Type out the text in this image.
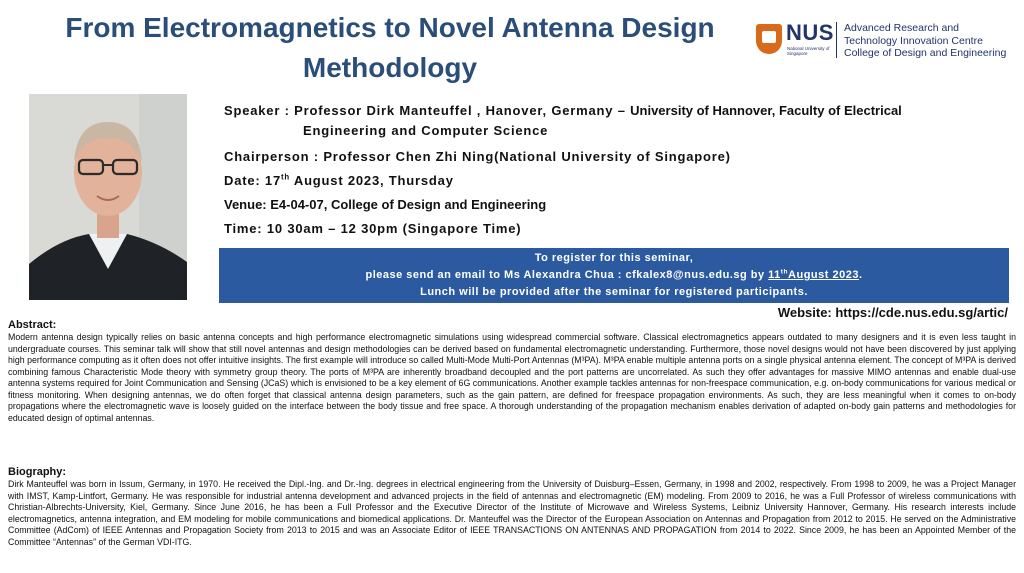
From Electromagnetics to Novel Antenna Design Methodology
NUS
National University of Singapore
Advanced Research and
Technology Innovation Centre
College of Design and Engineering
Speaker : Professor Dirk Manteuffel , Hanover, Germany – University of Hannover, Faculty of Electrical
Engineering and Computer Science
Chairperson : Professor Chen Zhi Ning(National University of Singapore)
Date: 17th August 2023, Thursday
Venue: E4-04-07, College of Design and Engineering
Time: 10 30am – 12 30pm (Singapore Time)
To register for this seminar,
please send an email to Ms Alexandra Chua : cfkalex8@nus.edu.sg by 11thAugust 2023.
Lunch will be provided after the seminar for registered participants.
Website: https://cde.nus.edu.sg/artic/
Abstract:
Modern antenna design typically relies on basic antenna concepts and high performance electromagnetic simulations using widespread commercial software. Classical electromagnetics appears outdated to many designers and it is even less taught in undergraduate courses. This seminar talk will show that still novel antennas and design methodologies can be derived based on fundamental electromagnetic understanding. Furthermore, those novel designs would not have been discovered by just applying high performance computing as it often does not offer intuitive insights. The first example will introduce so called Multi-Mode Multi-Port Antennas (M³PA). M³PA enable multiple antenna ports on a single physical antenna element. The concept of M³PA is derived combining famous Characteristic Mode theory with symmetry group theory. The ports of M³PA are inherently broadband decoupled and the port patterns are uncorrelated. As such they offer advantages for massive MIMO antennas and enable dual-use antenna systems required for Joint Communication and Sensing (JCaS) which is envisioned to be a key element of 6G communications. Another example tackles antennas for non-freespace communication, e.g. on-body communications for various medical or fitness monitoring. When designing antennas, we do often forget that classical antenna design parameters, such as the gain pattern, are defined for freespace propagation environments. As such, they are less meaningful when it comes to on-body propagations where the electromagnetic wave is loosely guided on the interface between the body tissue and free space. A thorough understanding of the propagation mechanism enables derivation of adapted on-body gain patterns and methodologies for educated design of optimal antennas.
Biography:
Dirk Manteuffel was born in Issum, Germany, in 1970. He received the Dipl.-Ing. and Dr.-Ing. degrees in electrical engineering from the University of Duisburg–Essen, Germany, in 1998 and 2002, respectively. From 1998 to 2009, he was a Project Manager with IMST, Kamp-Lintfort, Germany. He was responsible for industrial antenna development and advanced projects in the field of antennas and electromagnetic (EM) modeling. From 2009 to 2016, he was a Full Professor of wireless communications with Christian-Albrechts-University, Kiel, Germany. Since June 2016, he has been a Full Professor and the Executive Director of the Institute of Microwave and Wireless Systems, Leibniz University Hannover, Germany. His research interests include electromagnetics, antenna integration, and EM modeling for mobile communications and biomedical applications. Dr. Manteuffel was the Director of the European Association on Antennas and Propagation from 2012 to 2015. He served on the Administrative Committee (AdCom) of IEEE Antennas and Propagation Society from 2013 to 2015 and was an Associate Editor of IEEE TRANSACTIONS ON ANTENNAS AND PROPAGATION from 2014 to 2022. Since 2009, he has been an Appointed Member of the Committee “Antennas” of the German VDI-ITG.
